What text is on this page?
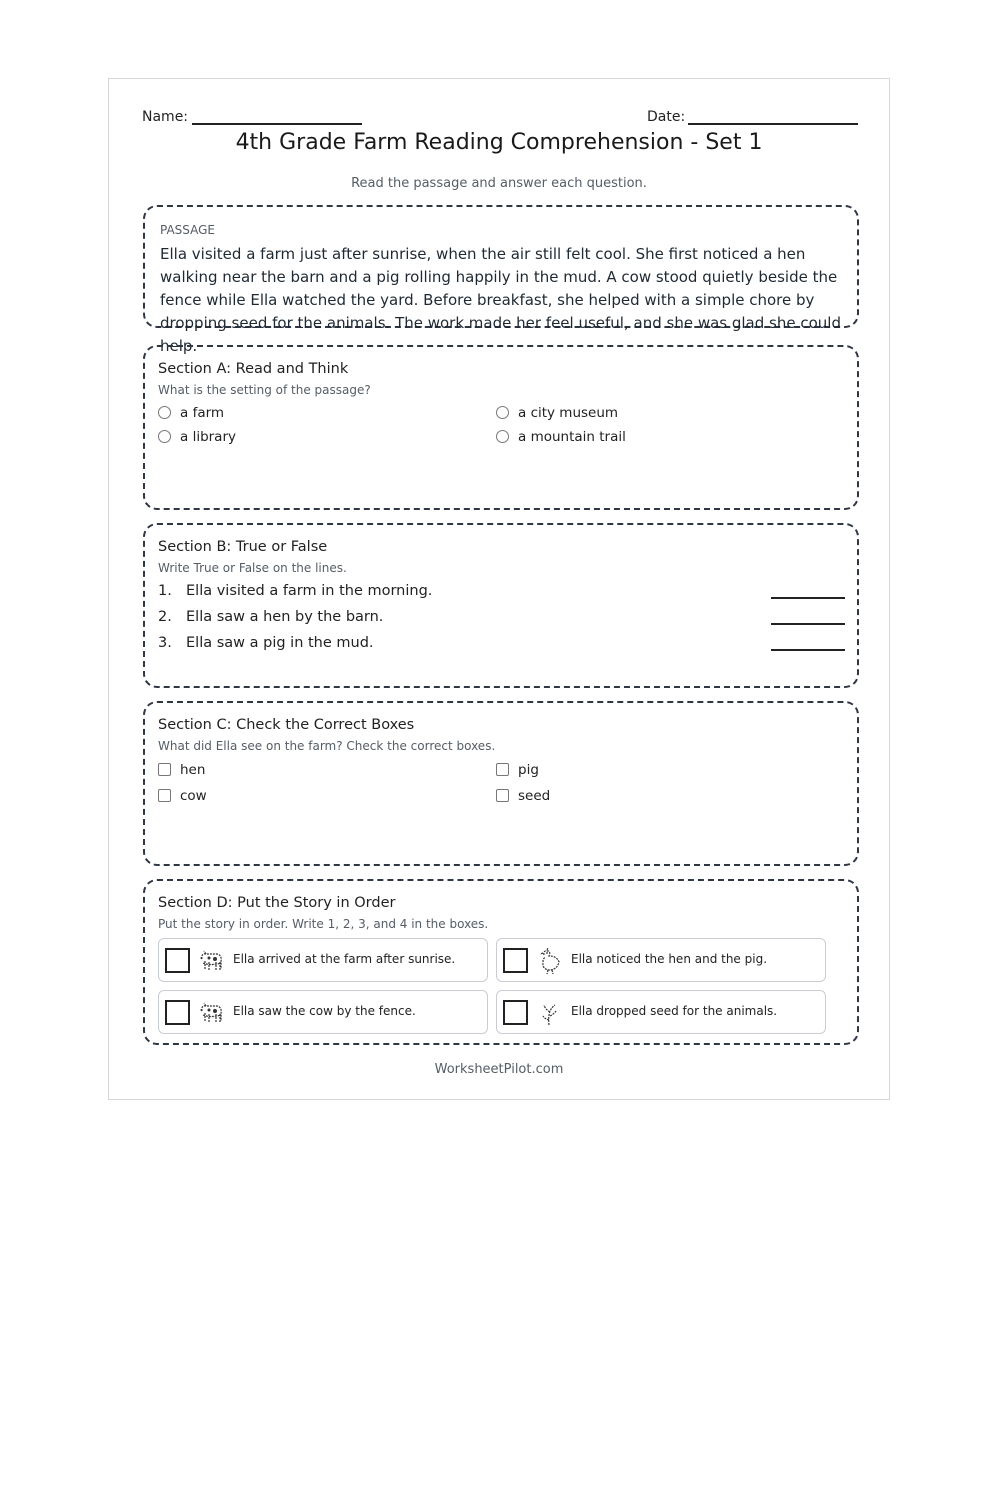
Name:	Date:
4th Grade Farm Reading Comprehension - Set 1
Read the passage and answer each question.
PASSAGE
Ella visited a farm just after sunrise, when the air still felt cool. She first noticed a hen walking near the barn and a pig rolling happily in the mud. A cow stood quietly beside the fence while Ella watched the yard. Before breakfast, she helped with a simple chore by dropping seed for the animals. The work made her feel useful, and she was glad she could help.
Section A: Read and Think
What is the setting of the passage?
a farm	a city museum
a library	a mountain trail
Section B: True or False
Write True or False on the lines.
1. Ella visited a farm in the morning.
2. Ella saw a hen by the barn.
3. Ella saw a pig in the mud.
Section C: Check the Correct Boxes
What did Ella see on the farm? Check the correct boxes.
hen	pig
cow	seed
Section D: Put the Story in Order
Put the story in order. Write 1, 2, 3, and 4 in the boxes.
Ella arrived at the farm after sunrise.	Ella noticed the hen and the pig.
Ella saw the cow by the fence.	Ella dropped seed for the animals.
WorksheetPilot.com
